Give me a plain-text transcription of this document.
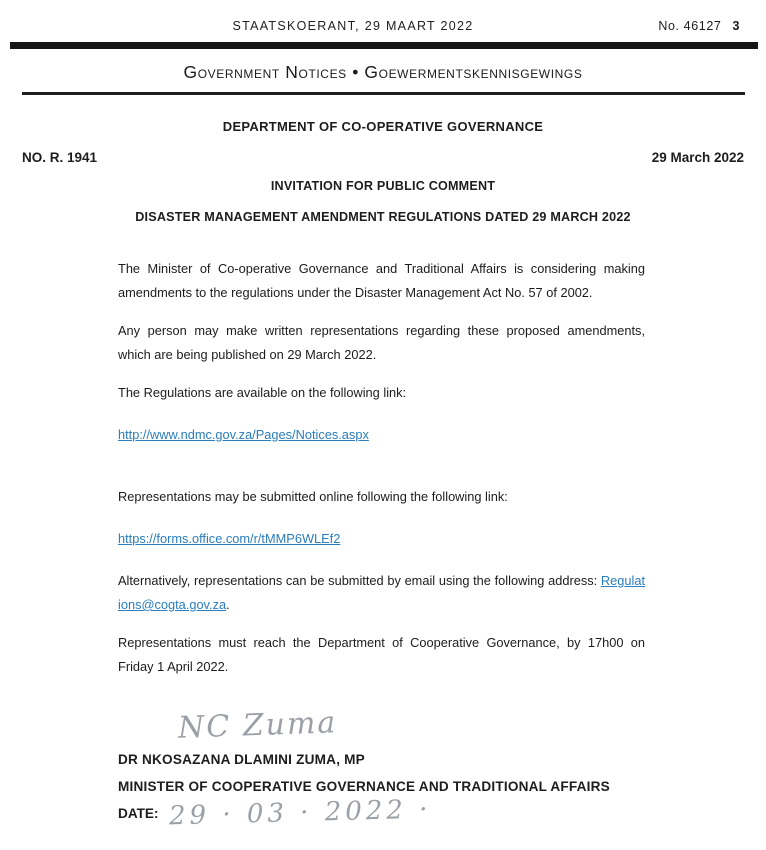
STAATSKOERANT, 29 MAART 2022	No. 46127 3
Government Notices • Goewermentskennisgewings
DEPARTMENT OF CO-OPERATIVE GOVERNANCE
NO. R. 1941	29 March 2022
INVITATION FOR PUBLIC COMMENT
DISASTER MANAGEMENT AMENDMENT REGULATIONS DATED 29 MARCH 2022

The Minister of Co-operative Governance and Traditional Affairs is considering making amendments to the regulations under the Disaster Management Act No. 57 of 2002.

Any person may make written representations regarding these proposed amendments, which are being published on 29 March 2022.

The Regulations are available on the following link:

http://www.ndmc.gov.za/Pages/Notices.aspx

Representations may be submitted online following the following link:

https://forms.office.com/r/tMMP6WLEf2

Alternatively, representations can be submitted by email using the following address: Regulations@cogta.gov.za.

Representations must reach the Department of Cooperative Governance, by 17h00 on Friday 1 April 2022.

NC Zuma
DR NKOSAZANA DLAMINI ZUMA, MP
MINISTER OF COOPERATIVE GOVERNANCE AND TRADITIONAL AFFAIRS
DATE: 29 · 03 · 2022 ·
